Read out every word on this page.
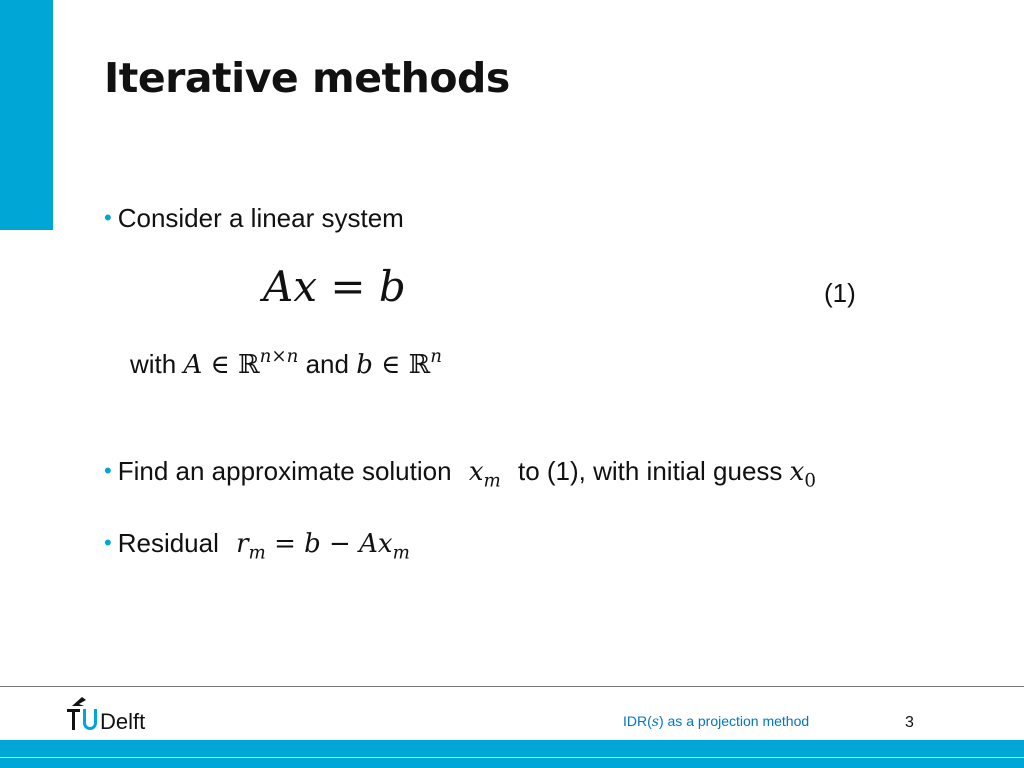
Iterative methods
• Consider a linear system
Ax = b	(1)
with A ∈ ℝ$^{n\times n}$ and b ∈ ℝ$^n$
• Find an approximate solution $x_m$ to (1), with initial guess $x_0$
• Residual $r_m = b - Ax_m$
Delft	IDR(s) as a projection method	3
